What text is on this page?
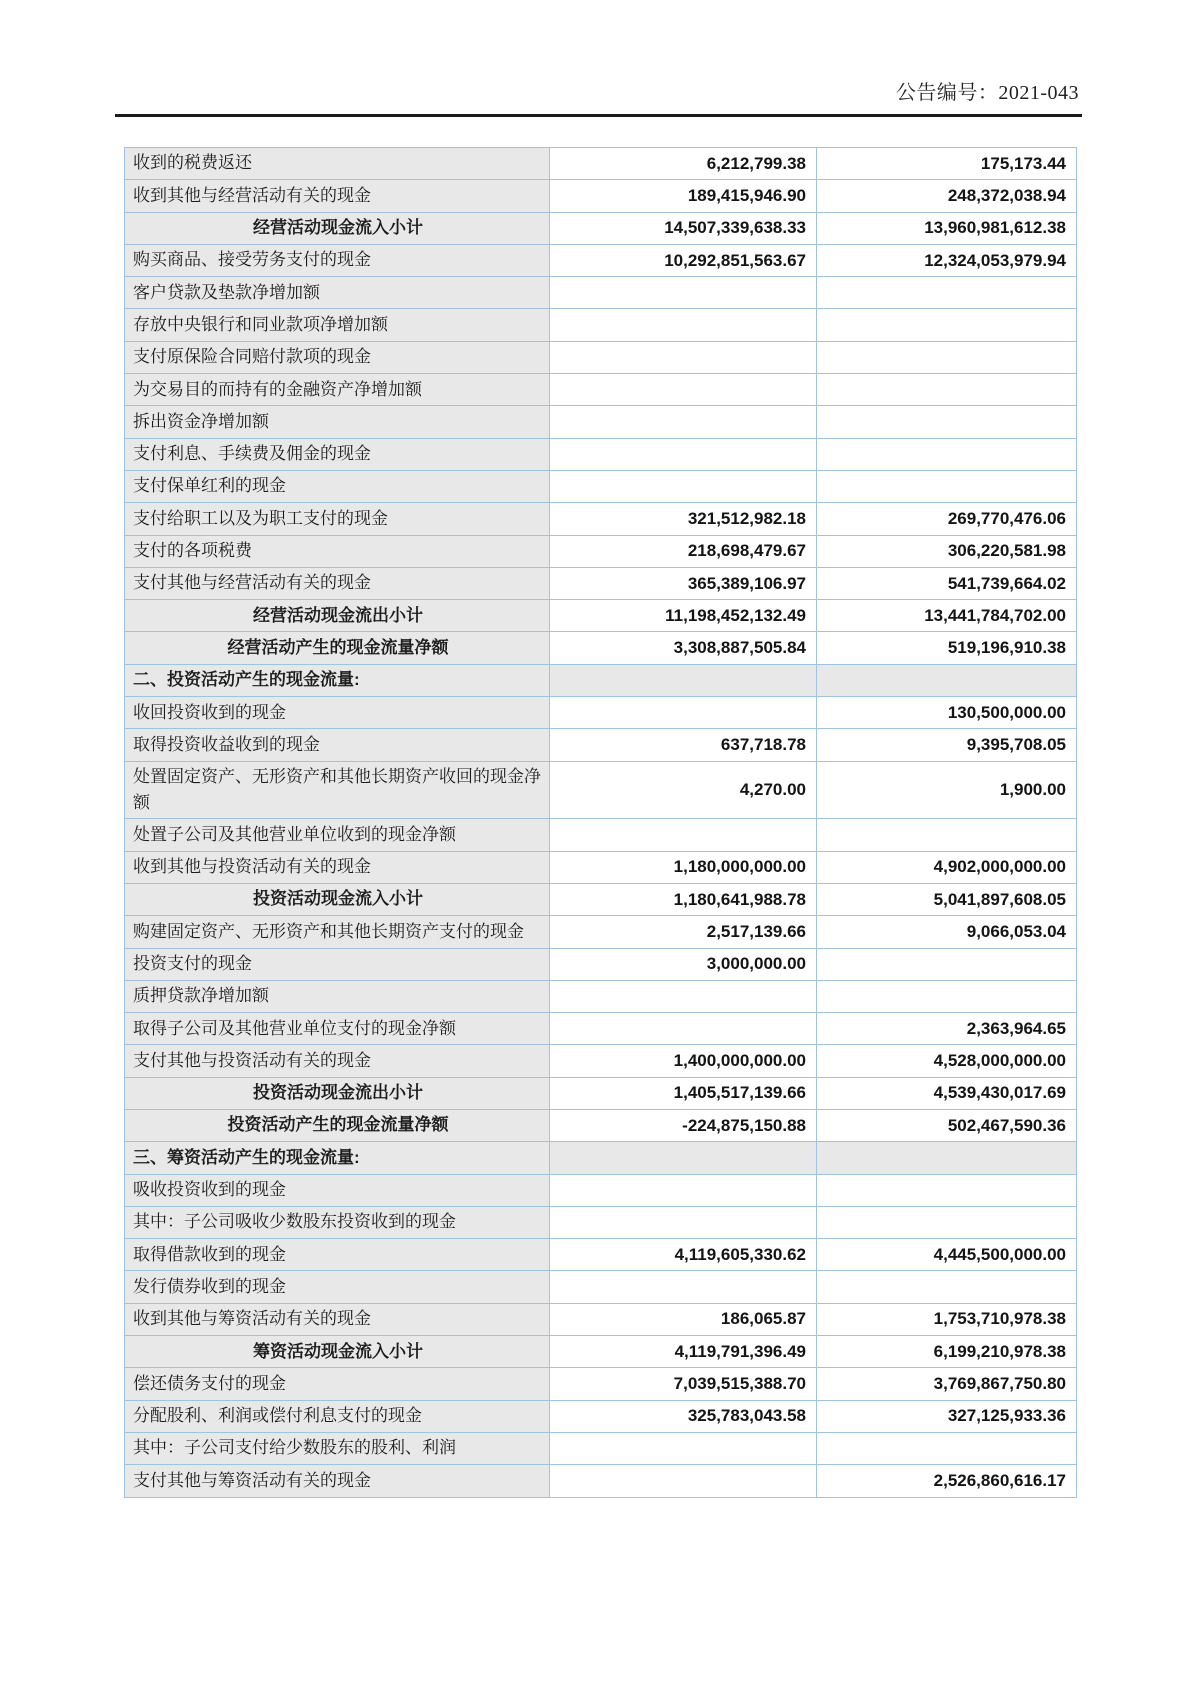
公告编号：2021-043
收到的税费返还	6,212,799.38	175,173.44
收到其他与经营活动有关的现金	189,415,946.90	248,372,038.94
经营活动现金流入小计	14,507,339,638.33	13,960,981,612.38
购买商品、接受劳务支付的现金	10,292,851,563.67	12,324,053,979.94
客户贷款及垫款净增加额		
存放中央银行和同业款项净增加额		
支付原保险合同赔付款项的现金		
为交易目的而持有的金融资产净增加额		
拆出资金净增加额		
支付利息、手续费及佣金的现金		
支付保单红利的现金		
支付给职工以及为职工支付的现金	321,512,982.18	269,770,476.06
支付的各项税费	218,698,479.67	306,220,581.98
支付其他与经营活动有关的现金	365,389,106.97	541,739,664.02
经营活动现金流出小计	11,198,452,132.49	13,441,784,702.00
经营活动产生的现金流量净额	3,308,887,505.84	519,196,910.38
二、投资活动产生的现金流量:		
收回投资收到的现金		130,500,000.00
取得投资收益收到的现金	637,718.78	9,395,708.05
处置固定资产、无形资产和其他长期资产收回的现金净额	4,270.00	1,900.00
处置子公司及其他营业单位收到的现金净额		
收到其他与投资活动有关的现金	1,180,000,000.00	4,902,000,000.00
投资活动现金流入小计	1,180,641,988.78	5,041,897,608.05
购建固定资产、无形资产和其他长期资产支付的现金	2,517,139.66	9,066,053.04
投资支付的现金	3,000,000.00	
质押贷款净增加额		
取得子公司及其他营业单位支付的现金净额		2,363,964.65
支付其他与投资活动有关的现金	1,400,000,000.00	4,528,000,000.00
投资活动现金流出小计	1,405,517,139.66	4,539,430,017.69
投资活动产生的现金流量净额	-224,875,150.88	502,467,590.36
三、筹资活动产生的现金流量:		
吸收投资收到的现金		
其中：子公司吸收少数股东投资收到的现金		
取得借款收到的现金	4,119,605,330.62	4,445,500,000.00
发行债券收到的现金		
收到其他与筹资活动有关的现金	186,065.87	1,753,710,978.38
筹资活动现金流入小计	4,119,791,396.49	6,199,210,978.38
偿还债务支付的现金	7,039,515,388.70	3,769,867,750.80
分配股利、利润或偿付利息支付的现金	325,783,043.58	327,125,933.36
其中：子公司支付给少数股东的股利、利润		
支付其他与筹资活动有关的现金		2,526,860,616.17
